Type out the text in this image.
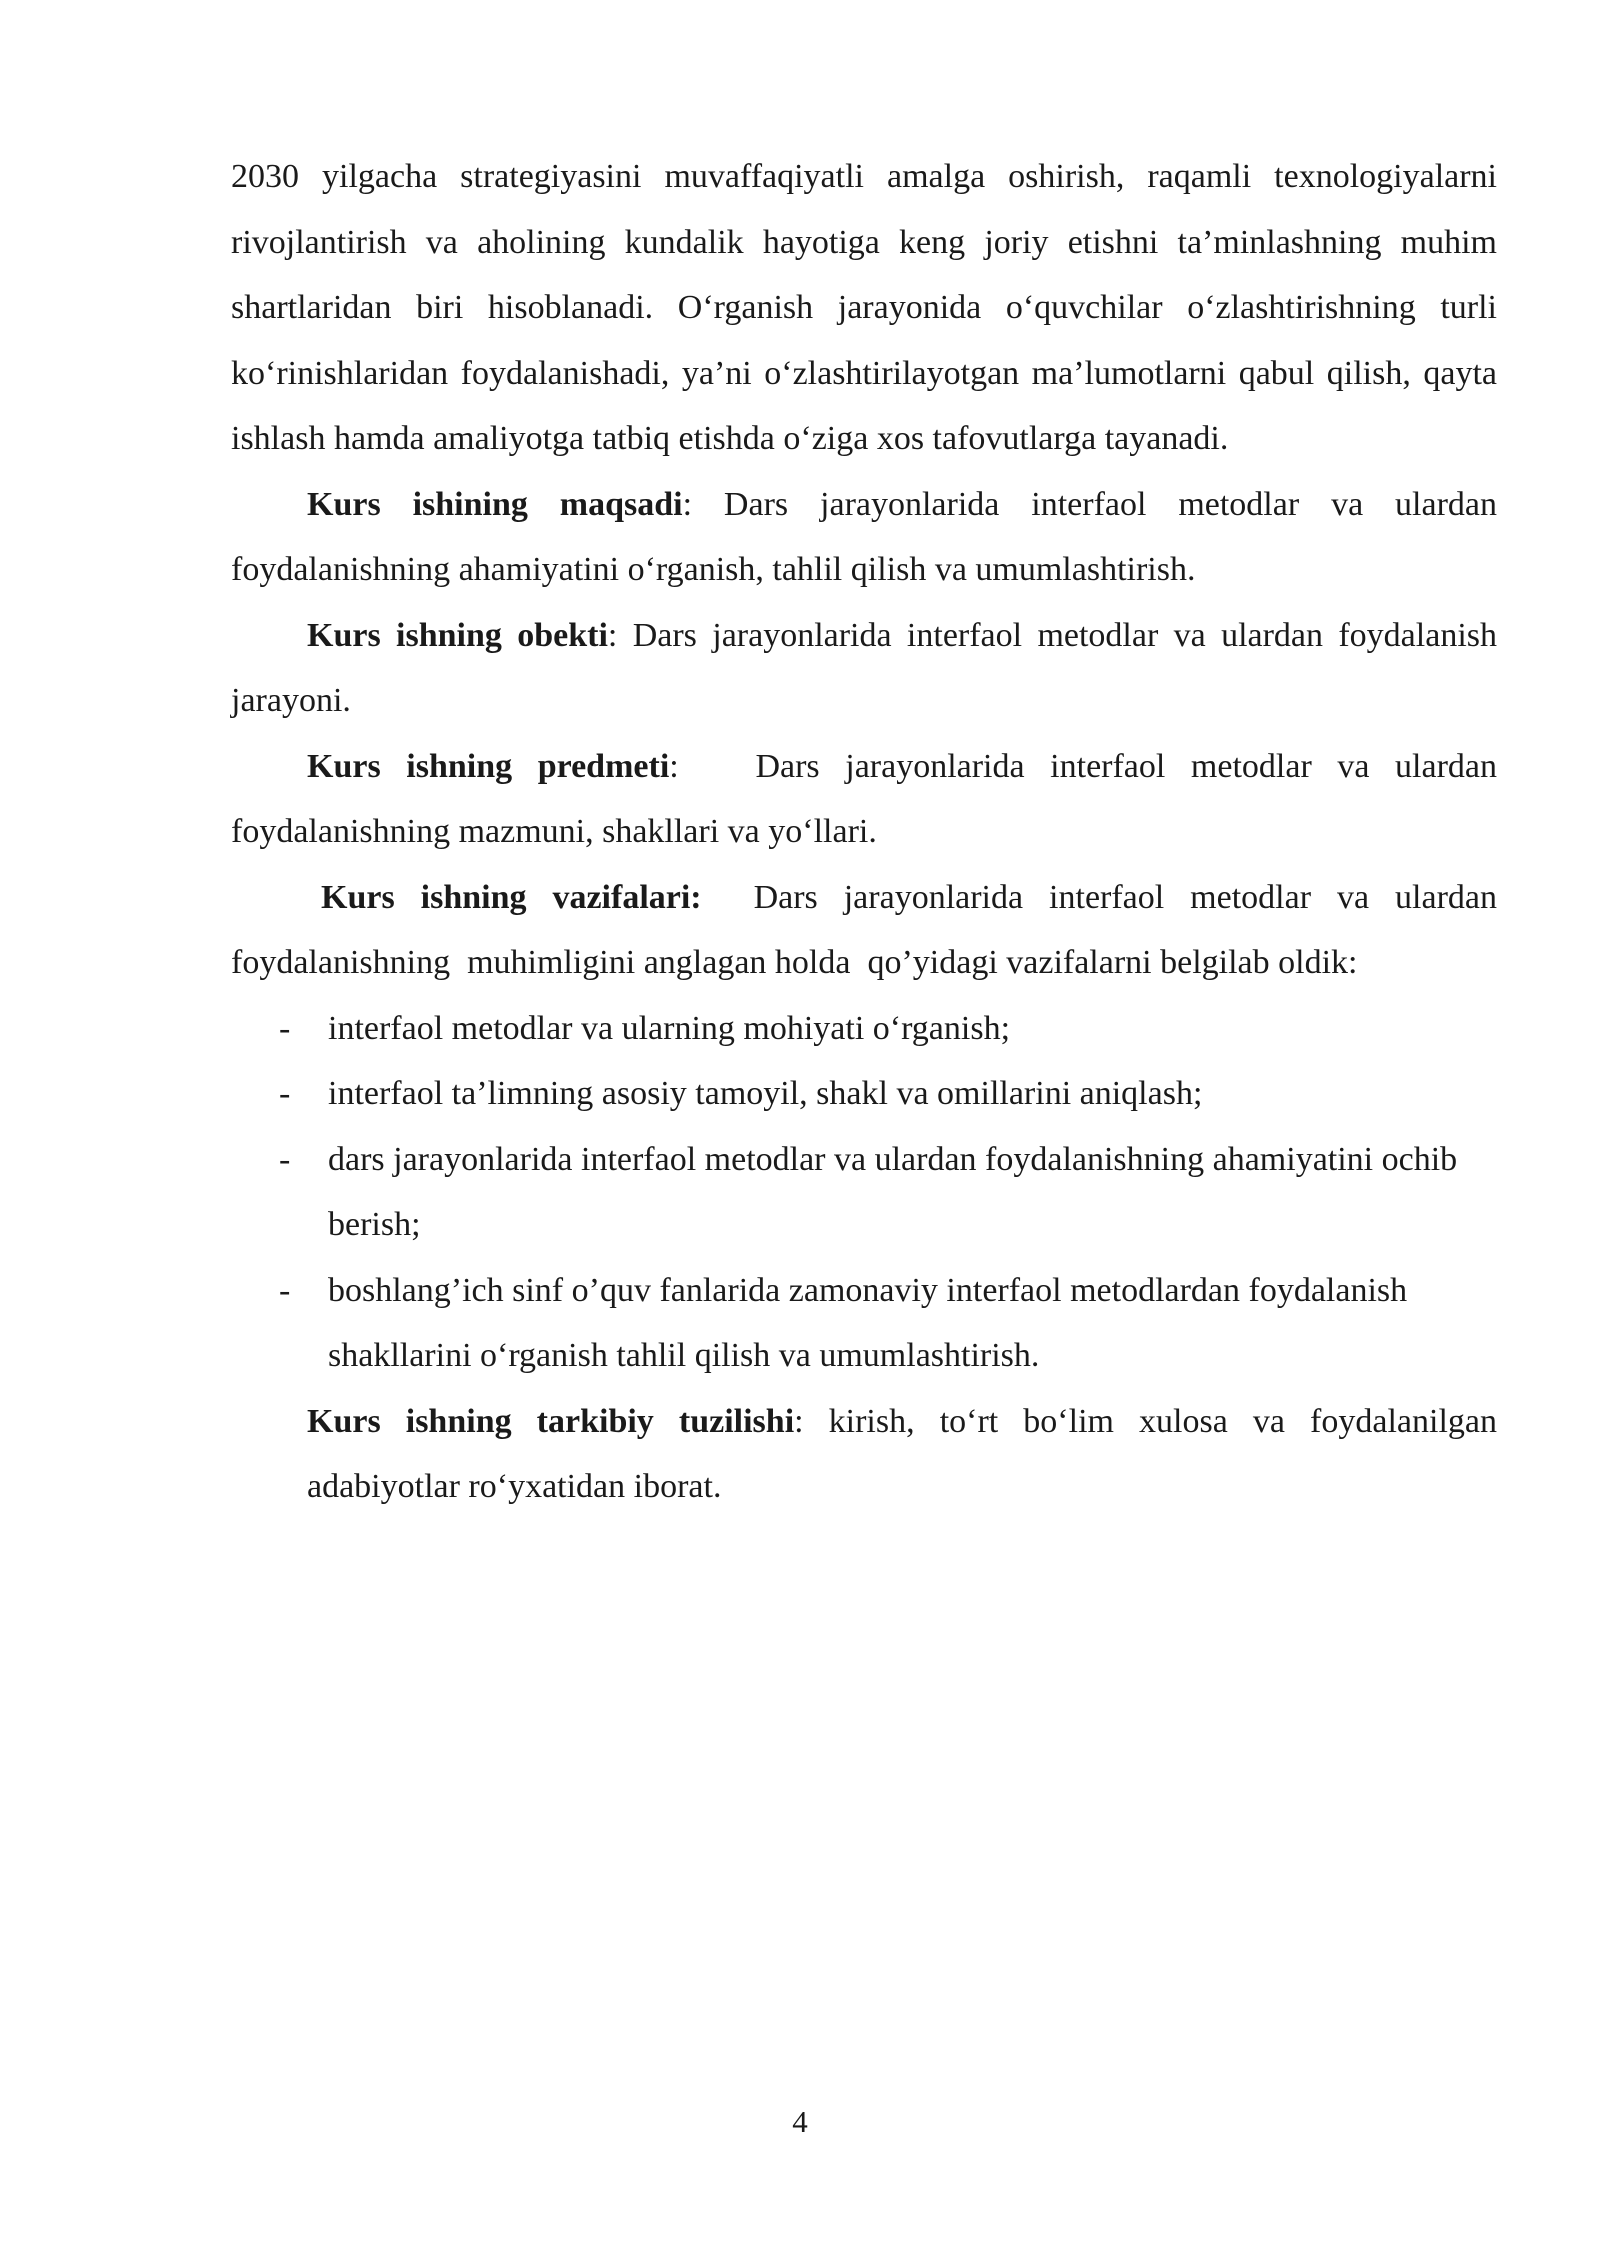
2030 yilgacha strategiyasini muvaffaqiyatli amalga oshirish, raqamli texnologiyalarni rivojlantirish va aholining kundalik hayotiga keng joriy etishni ta’minlashning muhim shartlaridan biri hisoblanadi. O‘rganish jarayonida o‘quvchilar o‘zlashtirishning turli ko‘rinishlaridan foydalanishadi, ya’ni o‘zlashtirilayotgan ma’lumotlarni qabul qilish, qayta ishlash hamda amaliyotga tatbiq etishda o‘ziga xos tafovutlarga tayanadi.

Kurs ishining maqsadi: Dars jarayonlarida interfaol metodlar va ulardan foydalanishning ahamiyatini o‘rganish, tahlil qilish va umumlashtirish.

Kurs ishning obekti: Dars jarayonlarida interfaol metodlar va ulardan foydalanish jarayoni.

Kurs ishning predmeti:   Dars jarayonlarida interfaol metodlar va ulardan foydalanishning mazmuni, shakllari va yo‘llari.

Kurs ishning vazifalari:  Dars jarayonlarida interfaol metodlar va ulardan foydalanishning  muhimligini anglagan holda  qo’yidagi vazifalarni belgilab oldik:

- interfaol metodlar va ularning mohiyati o‘rganish;
- interfaol ta’limning asosiy tamoyil, shakl va omillarini aniqlash;
- dars jarayonlarida interfaol metodlar va ulardan foydalanishning ahamiyatini ochib berish;
- boshlang’ich sinf o’quv fanlarida zamonaviy interfaol metodlardan foydalanish shakllarini o‘rganish tahlil qilish va umumlashtirish.

Kurs ishning tarkibiy tuzilishi: kirish, to‘rt bo‘lim xulosa va foydalanilgan adabiyotlar ro‘yxatidan iborat.

4
